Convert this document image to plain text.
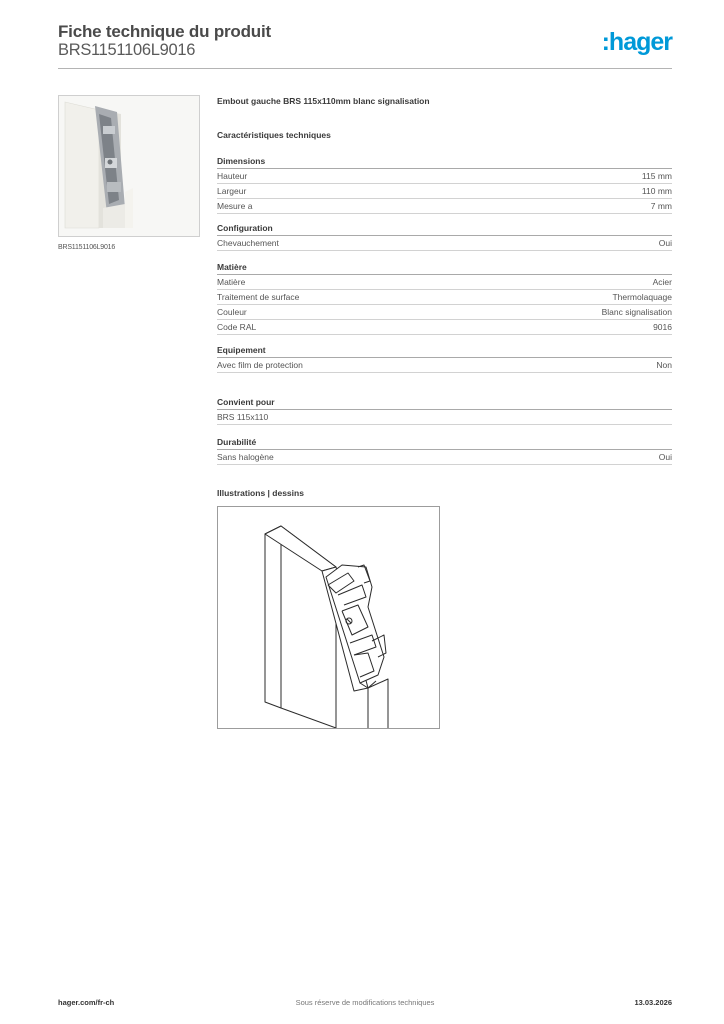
Fiche technique du produit
BRS1151106L9016	:hager
BRS1151106L9016
Embout gauche BRS 115x110mm blanc signalisation
Caractéristiques techniques
Dimensions
Hauteur	115 mm
Largeur	110 mm
Mesure a	7 mm
Configuration
Chevauchement	Oui
Matière
Matière	Acier
Traitement de surface	Thermolaquage
Couleur	Blanc signalisation
Code RAL	9016
Equipement
Avec film de protection	Non
Convient pour
BRS 115x110
Durabilité
Sans halogène	Oui
Illustrations | dessins
hager.com/fr-ch	Sous réserve de modifications techniques	13.03.2026
